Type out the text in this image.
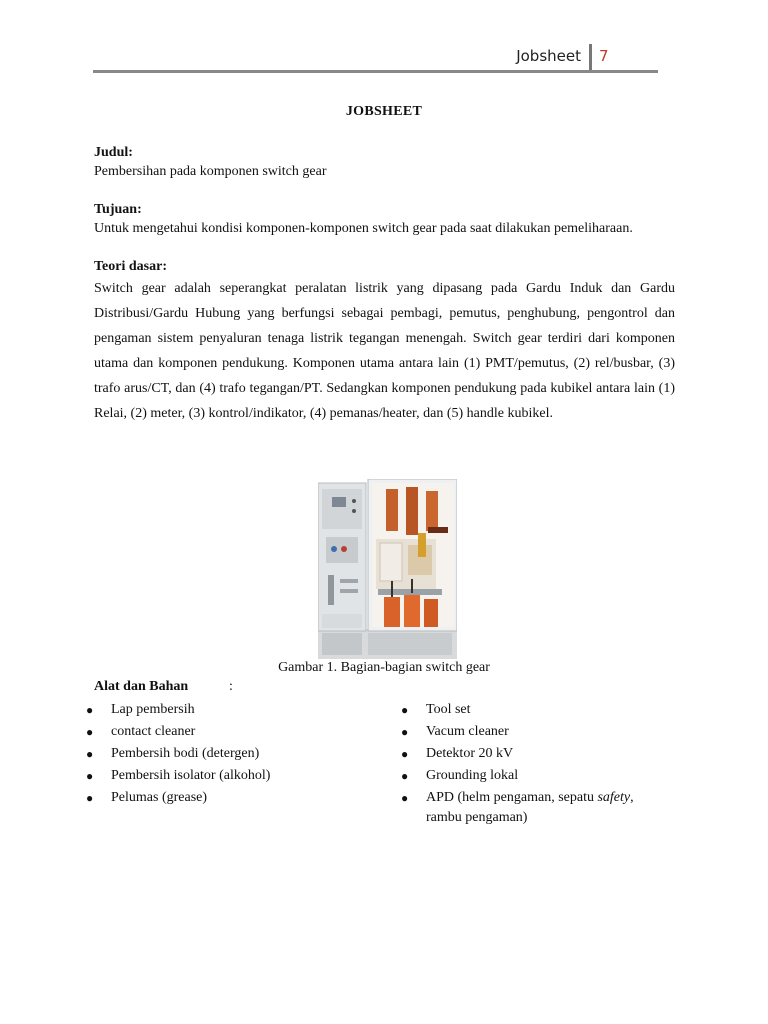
Jobsheet 7
JOBSHEET
Judul:
Pembersihan pada komponen switch gear
Tujuan:
Untuk mengetahui kondisi komponen-komponen switch gear pada saat dilakukan pemeliharaan.
Teori dasar:
Switch gear adalah seperangkat peralatan listrik yang dipasang pada Gardu Induk dan Gardu Distribusi/Gardu Hubung yang berfungsi sebagai pembagi, pemutus, penghubung, pengontrol dan pengaman sistem penyaluran tenaga listrik tegangan menengah. Switch gear terdiri dari komponen utama dan komponen pendukung. Komponen utama antara lain (1) PMT/pemutus, (2) rel/busbar, (3) trafo arus/CT, dan (4) trafo tegangan/PT. Sedangkan komponen pendukung pada kubikel antara lain (1) Relai, (2) meter, (3) kontrol/indikator, (4) pemanas/heater, dan (5) handle kubikel.
Gambar 1. Bagian-bagian switch gear
Alat dan Bahan	:
● Lap pembersih
● contact cleaner
● Pembersih bodi (detergen)
● Pembersih isolator (alkohol)
● Pelumas (grease)
● Tool set
● Vacum cleaner
● Detektor 20 kV
● Grounding lokal
● APD (helm pengaman, sepatu safety,
rambu pengaman)
